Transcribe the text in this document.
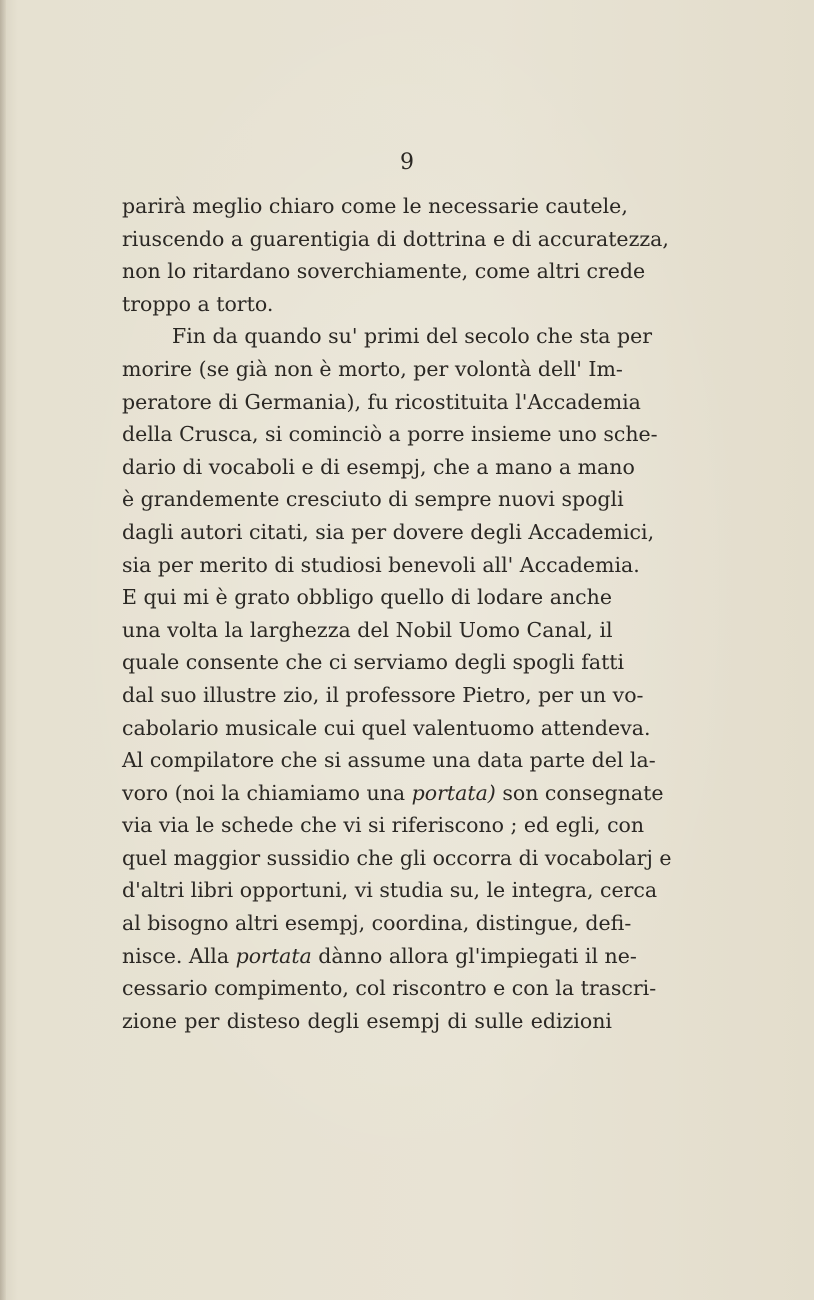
9
parirà meglio chiaro come le necessarie cautele,
riuscendo a guarentigia di dottrina e di accuratezza,
non lo ritardano soverchiamente, come altri crede
troppo a torto.
Fin da quando su' primi del secolo che sta per
morire (se già non è morto, per volontà dell' Im-
peratore di Germania), fu ricostituita l'Accademia
della Crusca, si cominciò a porre insieme uno sche-
dario di vocaboli e di esempj, che a mano a mano
è grandemente cresciuto di sempre nuovi spogli
dagli autori citati, sia per dovere degli Accademici,
sia per merito di studiosi benevoli all' Accademia.
E qui mi è grato obbligo quello di lodare anche
una volta la larghezza del Nobil Uomo Canal, il
quale consente che ci serviamo degli spogli fatti
dal suo illustre zio, il professore Pietro, per un vo-
cabolario musicale cui quel valentuomo attendeva.
Al compilatore che si assume una data parte del la-
voro (noi la chiamiamo una portata) son consegnate
via via le schede che vi si riferiscono ; ed egli, con
quel maggior sussidio che gli occorra di vocabolarj e
d'altri libri opportuni, vi studia su, le integra, cerca
al bisogno altri esempj, coordina, distingue, defi-
nisce. Alla portata dànno allora gl'impiegati il ne-
cessario compimento, col riscontro e con la trascri-
zione per disteso degli esempj di sulle edizioni
